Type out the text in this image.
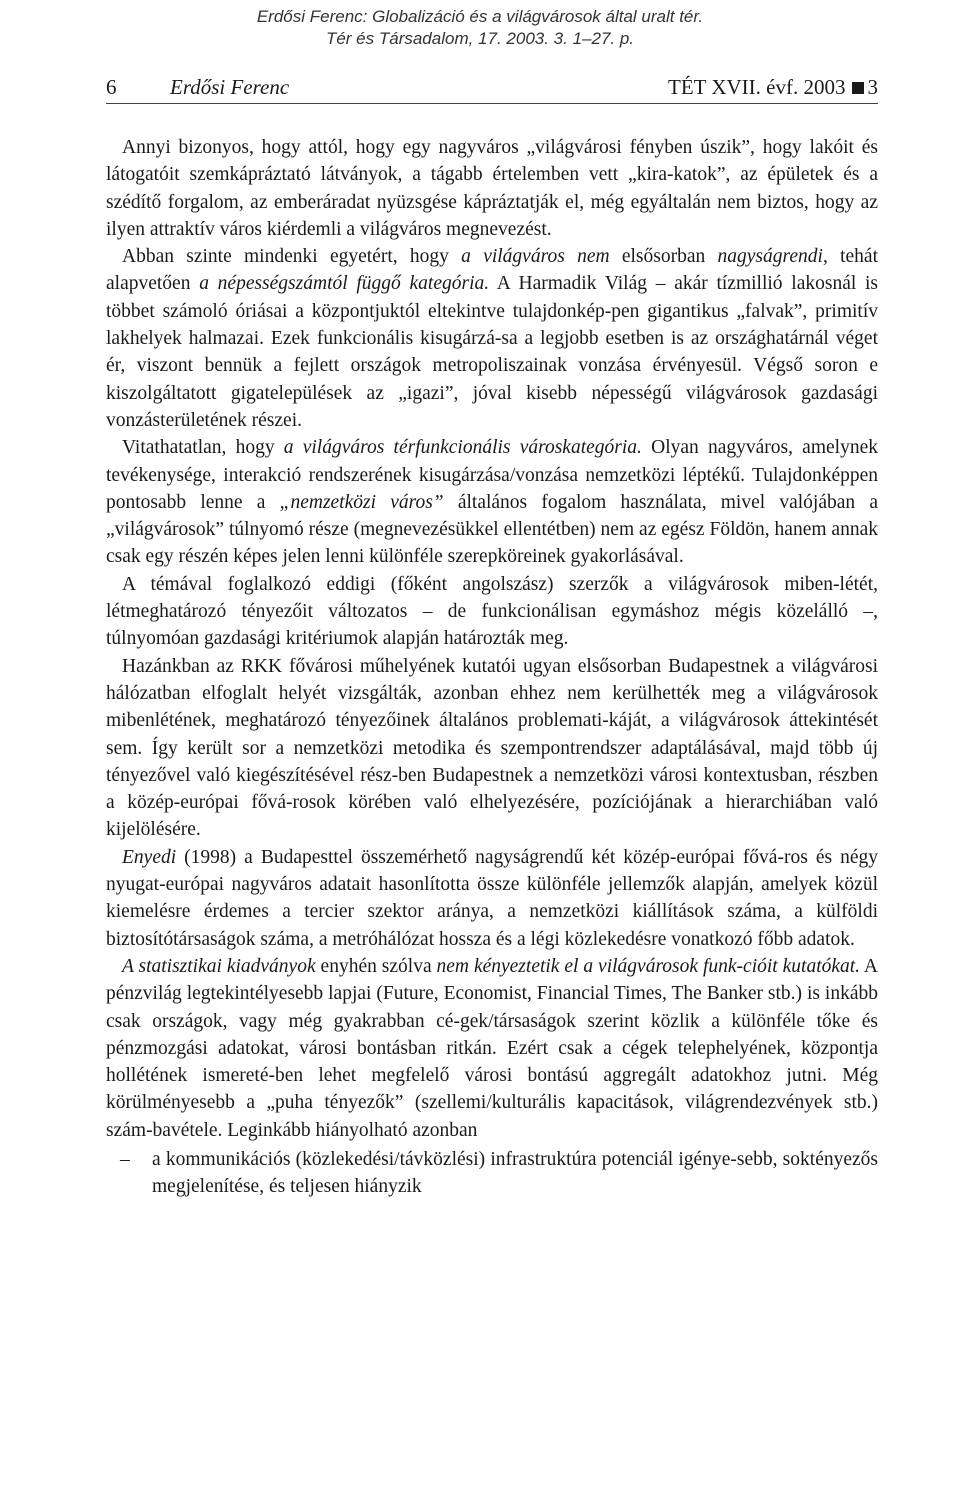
Erdősi Ferenc: Globalizáció és a világvárosok által uralt tér.
Tér és Társadalom, 17. 2003. 3. 1–27. p.
6	Erdősi Ferenc	TÉT XVII. évf. 2003 3

Annyi bizonyos, hogy attól, hogy egy nagyváros „világvárosi fényben úszik”, hogy lakóit és látogatóit szemkápráztató látványok, a tágabb értelemben vett „kira-katok”, az épületek és a szédítő forgalom, az emberáradat nyüzsgése kápráztatják el, még egyáltalán nem biztos, hogy az ilyen attraktív város kiérdemli a világváros megnevezést.

Abban szinte mindenki egyetért, hogy a világváros nem elsősorban nagyságrendi, tehát alapvetően a népességszámtól függő kategória. A Harmadik Világ – akár tízmillió lakosnál is többet számoló óriásai a központjuktól eltekintve tulajdonkép-pen gigantikus „falvak”, primitív lakhelyek halmazai. Ezek funkcionális kisugárzá-sa a legjobb esetben is az országhatárnál véget ér, viszont bennük a fejlett országok metropoliszainak vonzása érvényesül. Végső soron e kiszolgáltatott gigatelepülések az „igazi”, jóval kisebb népességű világvárosok gazdasági vonzásterületének részei.

Vitathatatlan, hogy a világváros térfunkcionális városkategória. Olyan nagyváros, amelynek tevékenysége, interakció rendszerének kisugárzása/vonzása nemzetközi léptékű. Tulajdonképpen pontosabb lenne a „nemzetközi város” általános fogalom használata, mivel valójában a „világvárosok” túlnyomó része (megnevezésükkel ellentétben) nem az egész Földön, hanem annak csak egy részén képes jelen lenni különféle szerepköreinek gyakorlásával.

A témával foglalkozó eddigi (főként angolszász) szerzők a világvárosok miben-létét, létmeghatározó tényezőit változatos – de funkcionálisan egymáshoz mégis közelálló –, túlnyomóan gazdasági kritériumok alapján határozták meg.

Hazánkban az RKK fővárosi műhelyének kutatói ugyan elsősorban Budapestnek a világvárosi hálózatban elfoglalt helyét vizsgálták, azonban ehhez nem kerülhették meg a világvárosok mibenlétének, meghatározó tényezőinek általános problemati-káját, a világvárosok áttekintését sem. Így került sor a nemzetközi metodika és szempontrendszer adaptálásával, majd több új tényezővel való kiegészítésével rész-ben Budapestnek a nemzetközi városi kontextusban, részben a közép-európai fővá-rosok körében való elhelyezésére, pozíciójának a hierarchiában való kijelölésére.

Enyedi (1998) a Budapesttel összemérhető nagyságrendű két közép-európai fővá-ros és négy nyugat-európai nagyváros adatait hasonlította össze különféle jellemzők alapján, amelyek közül kiemelésre érdemes a tercier szektor aránya, a nemzetközi kiállítások száma, a külföldi biztosítótársaságok száma, a metróhálózat hossza és a légi közlekedésre vonatkozó főbb adatok.

A statisztikai kiadványok enyhén szólva nem kényeztetik el a világvárosok funk-cióit kutatókat. A pénzvilág legtekintélyesebb lapjai (Future, Economist, Financial Times, The Banker stb.) is inkább csak országok, vagy még gyakrabban cé-gek/társaságok szerint közlik a különféle tőke és pénzmozgási adatokat, városi bontásban ritkán. Ezért csak a cégek telephelyének, központja hollétének ismereté-ben lehet megfelelő városi bontású aggregált adatokhoz jutni. Még körülményesebb a „puha tényezők” (szellemi/kulturális kapacitások, világrendezvények stb.) szám-bavétele. Leginkább hiányolható azonban

– a kommunikációs (közlekedési/távközlési) infrastruktúra potenciál igénye-sebb, soktényezős megjelenítése, és teljesen hiányzik
